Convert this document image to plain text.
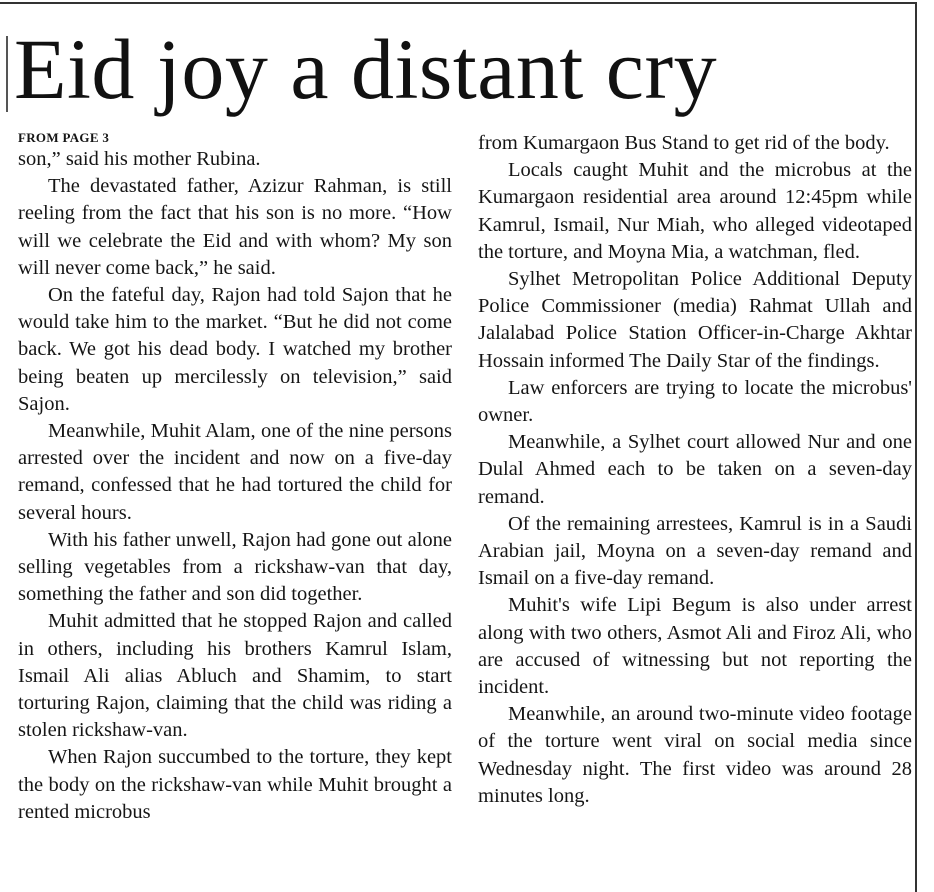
Eid joy a distant cry
FROM PAGE 3

son,” said his mother Rubina.

The devastated father, Azizur Rahman, is still reeling from the fact that his son is no more. “How will we celebrate the Eid and with whom? My son will never come back,” he said.

On the fateful day, Rajon had told Sajon that he would take him to the market. “But he did not come back. We got his dead body. I watched my brother being beaten up mercilessly on television,” said Sajon.

Meanwhile, Muhit Alam, one of the nine persons arrested over the incident and now on a five-day remand, confessed that he had tortured the child for several hours.

With his father unwell, Rajon had gone out alone selling vegetables from a rickshaw-van that day, something the father and son did together.

Muhit admitted that he stopped Rajon and called in others, including his brothers Kamrul Islam, Ismail Ali alias Abluch and Shamim, to start torturing Rajon, claiming that the child was riding a stolen rickshaw-van.

When Rajon succumbed to the torture, they kept the body on the rickshaw-van while Muhit brought a rented microbus

from Kumargaon Bus Stand to get rid of the body.

Locals caught Muhit and the microbus at the Kumargaon residential area around 12:45pm while Kamrul, Ismail, Nur Miah, who alleged videotaped the torture, and Moyna Mia, a watchman, fled.

Sylhet Metropolitan Police Additional Deputy Police Commissioner (media) Rahmat Ullah and Jalalabad Police Station Officer-in-Charge Akhtar Hossain informed The Daily Star of the findings.

Law enforcers are trying to locate the microbus' owner.

Meanwhile, a Sylhet court allowed Nur and one Dulal Ahmed each to be taken on a seven-day remand.

Of the remaining arrestees, Kamrul is in a Saudi Arabian jail, Moyna on a seven-day remand and Ismail on a five-day remand.

Muhit's wife Lipi Begum is also under arrest along with two others, Asmot Ali and Firoz Ali, who are accused of witnessing but not reporting the incident.

Meanwhile, an around two-minute video footage of the torture went viral on social media since Wednesday night. The first video was around 28 minutes long.
